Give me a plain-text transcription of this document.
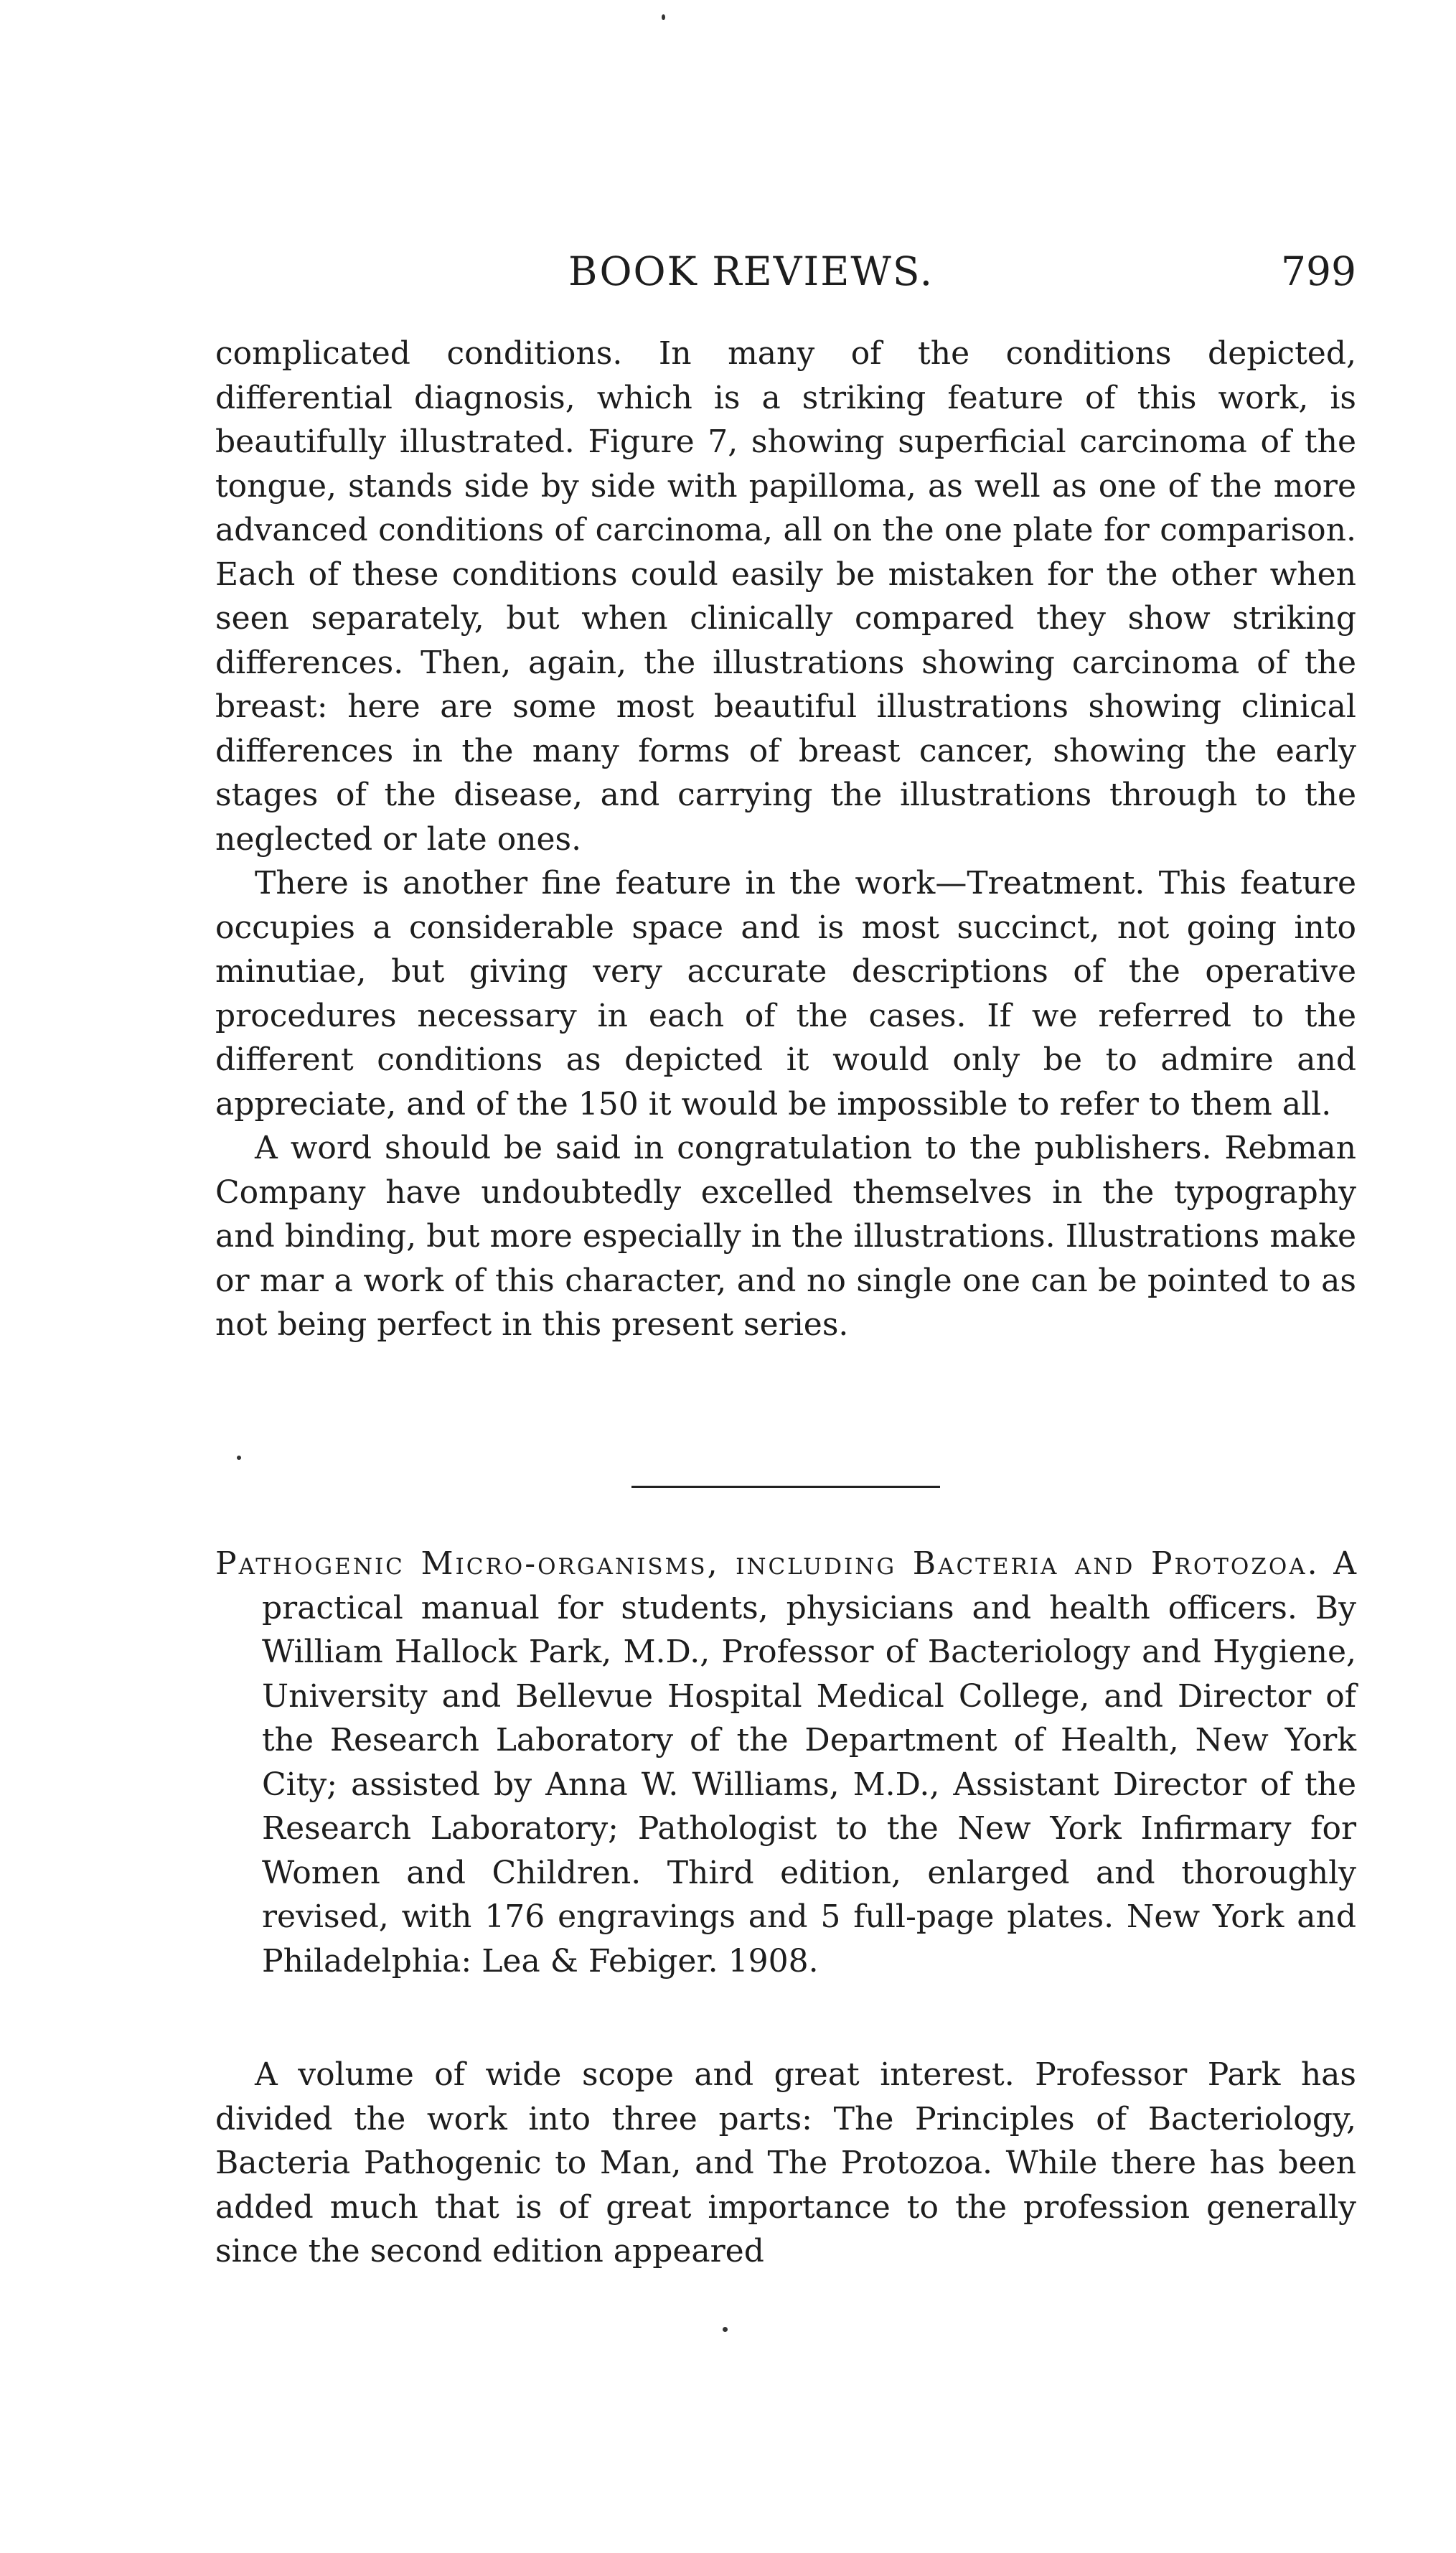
BOOK REVIEWS.	799

complicated conditions. In many of the conditions depicted, differential diagnosis, which is a striking feature of this work, is beautifully illustrated. Figure 7, showing superficial carcinoma of the tongue, stands side by side with papilloma, as well as one of the more advanced conditions of carcinoma, all on the one plate for comparison. Each of these conditions could easily be mistaken for the other when seen separately, but when clinically compared they show striking differences. Then, again, the illustrations showing carcinoma of the breast: here are some most beautiful illustrations showing clinical differences in the many forms of breast cancer, showing the early stages of the disease, and carrying the illustrations through to the neglected or late ones.

There is another fine feature in the work—Treatment. This feature occupies a considerable space and is most succinct, not going into minutiae, but giving very accurate descriptions of the operative procedures necessary in each of the cases. If we referred to the different conditions as depicted it would only be to admire and appreciate, and of the 150 it would be impossible to refer to them all.

A word should be said in congratulation to the publishers. Rebman Company have undoubtedly excelled themselves in the typography and binding, but more especially in the illustrations. Illustrations make or mar a work of this character, and no single one can be pointed to as not being perfect in this present series.

Pathogenic Micro-organisms, including Bacteria and Protozoa. A practical manual for students, physicians and health officers. By William Hallock Park, M.D., Professor of Bacteriology and Hygiene, University and Bellevue Hospital Medical College, and Director of the Research Laboratory of the Department of Health, New York City; assisted by Anna W. Williams, M.D., Assistant Director of the Research Laboratory; Pathologist to the New York Infirmary for Women and Children. Third edition, enlarged and thoroughly revised, with 176 engravings and 5 full-page plates. New York and Philadelphia: Lea & Febiger. 1908.

A volume of wide scope and great interest. Professor Park has divided the work into three parts: The Principles of Bacteriology, Bacteria Pathogenic to Man, and The Protozoa. While there has been added much that is of great importance to the profession generally since the second edition appeared
